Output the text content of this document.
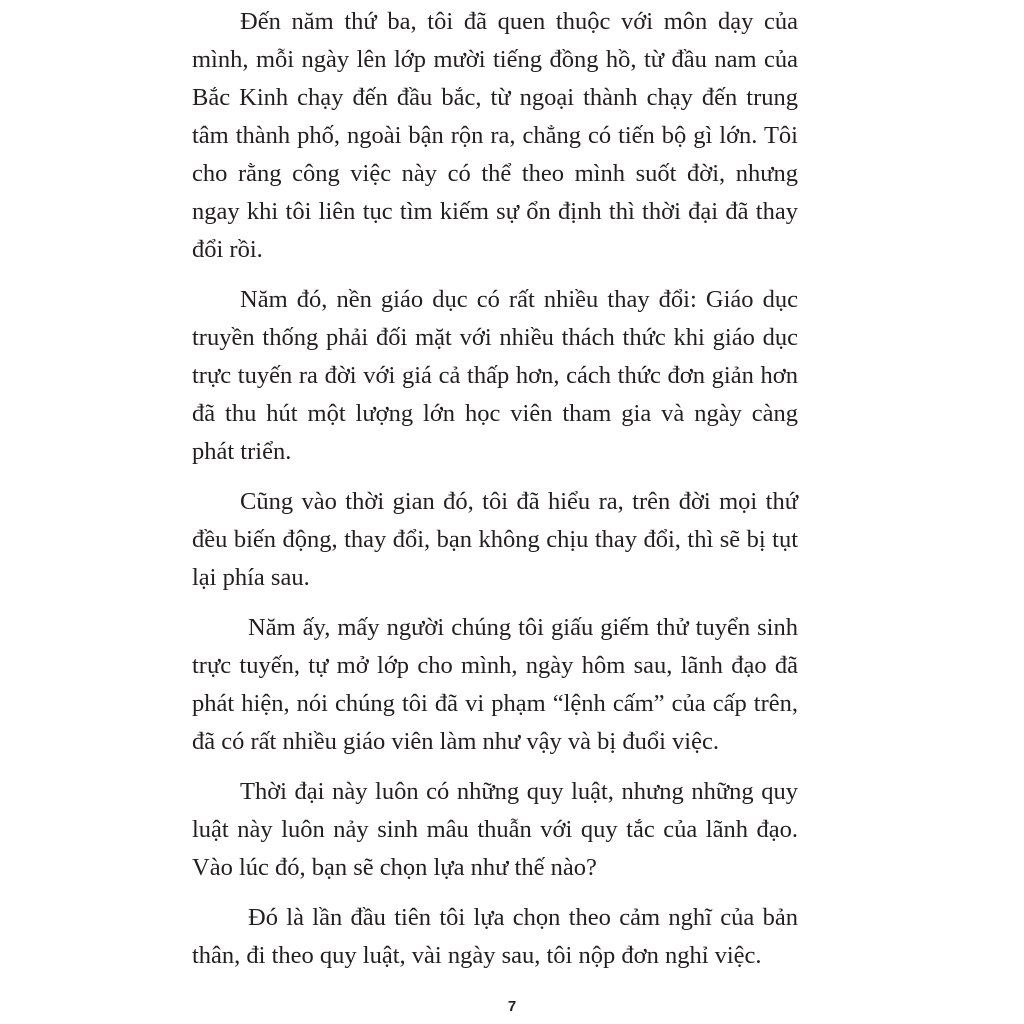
Đến năm thứ ba, tôi đã quen thuộc với môn dạy của
mình, mỗi ngày lên lớp mười tiếng đồng hồ, từ đầu nam của
Bắc Kinh chạy đến đầu bắc, từ ngoại thành chạy đến trung
tâm thành phố, ngoài bận rộn ra, chẳng có tiến bộ gì lớn. Tôi
cho rằng công việc này có thể theo mình suốt đời, nhưng
ngay khi tôi liên tục tìm kiếm sự ổn định thì thời đại đã thay
đổi rồi.
Năm đó, nền giáo dục có rất nhiều thay đổi: Giáo dục
truyền thống phải đối mặt với nhiều thách thức khi giáo dục
trực tuyến ra đời với giá cả thấp hơn, cách thức đơn giản hơn
đã thu hút một lượng lớn học viên tham gia và ngày càng
phát triển.
Cũng vào thời gian đó, tôi đã hiểu ra, trên đời mọi thứ
đều biến động, thay đổi, bạn không chịu thay đổi, thì sẽ bị tụt
lại phía sau.
Năm ấy, mấy người chúng tôi giấu giếm thử tuyển sinh
trực tuyến, tự mở lớp cho mình, ngày hôm sau, lãnh đạo đã
phát hiện, nói chúng tôi đã vi phạm “lệnh cấm” của cấp trên,
đã có rất nhiều giáo viên làm như vậy và bị đuổi việc.
Thời đại này luôn có những quy luật, nhưng những quy
luật này luôn nảy sinh mâu thuẫn với quy tắc của lãnh đạo.
Vào lúc đó, bạn sẽ chọn lựa như thế nào?
Đó là lần đầu tiên tôi lựa chọn theo cảm nghĩ của bản
thân, đi theo quy luật, vài ngày sau, tôi nộp đơn nghỉ việc.
7
